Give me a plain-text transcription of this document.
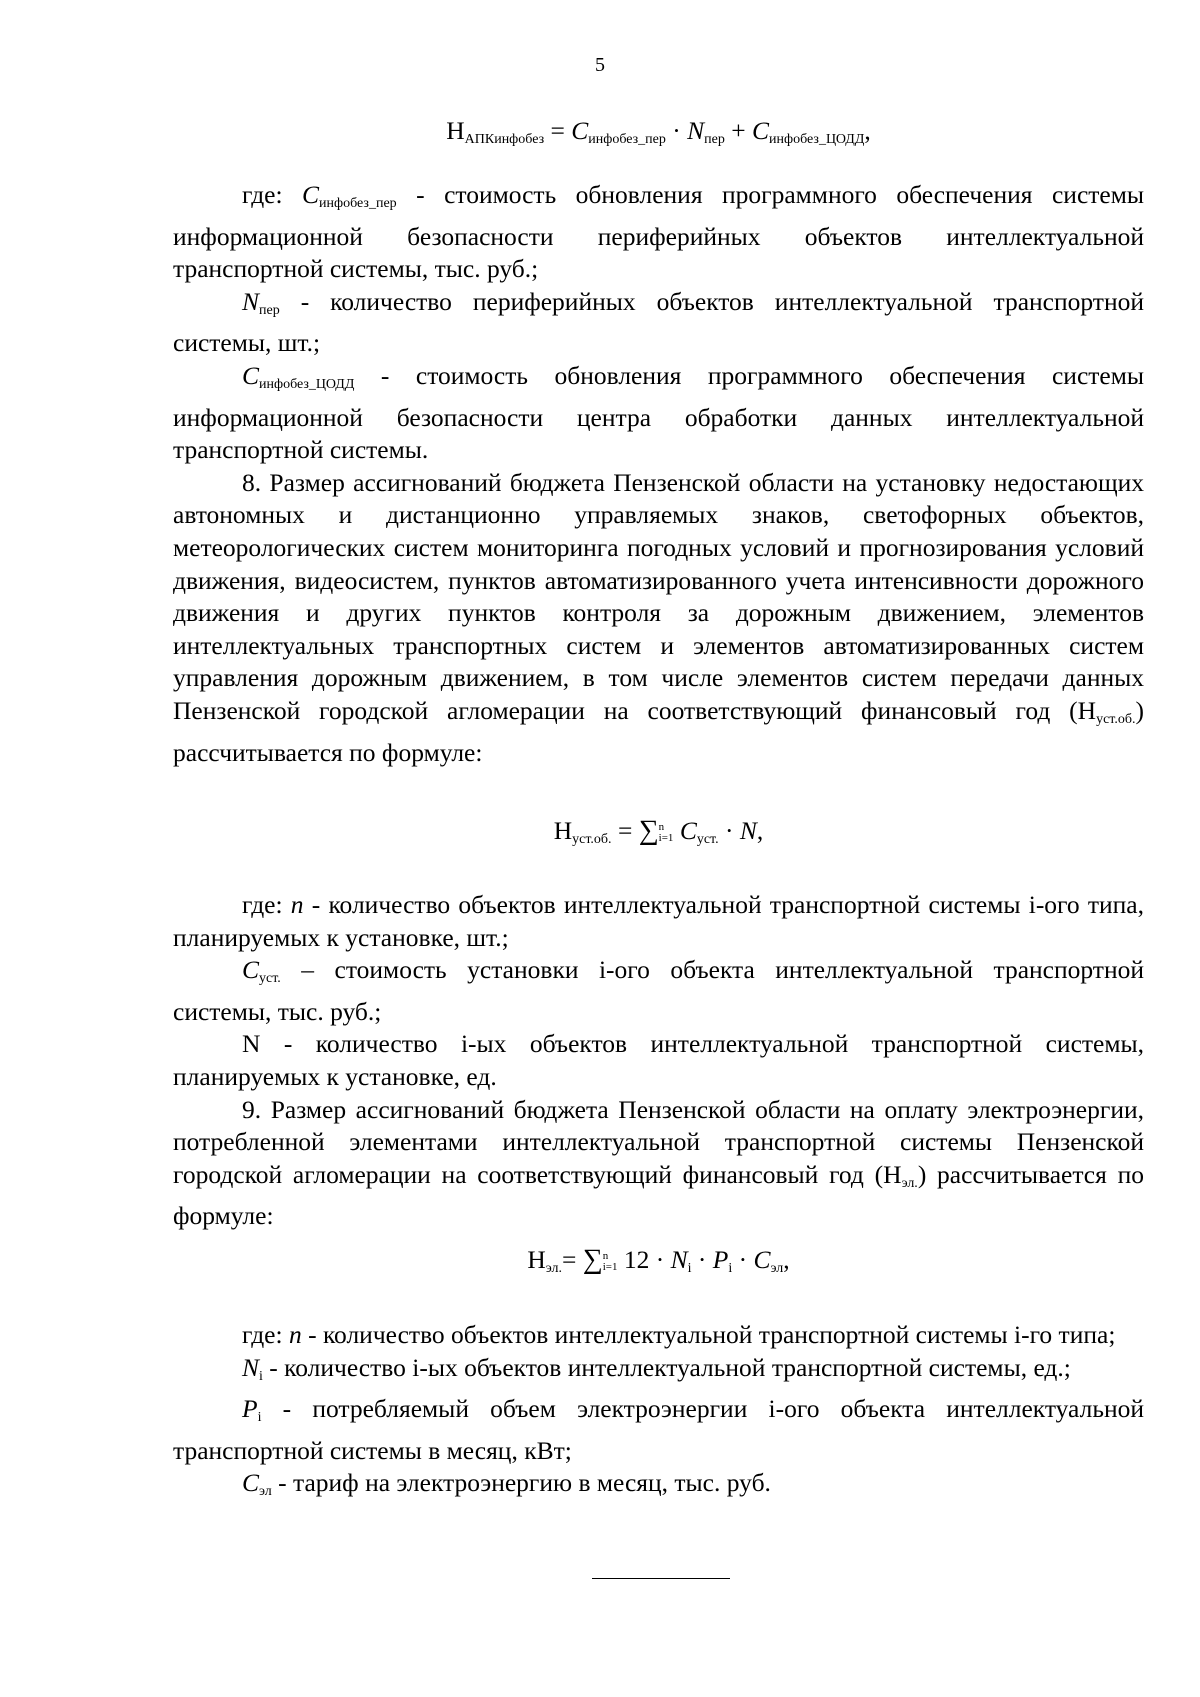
5

$Н_{АПКинфобез} = C_{инфобез\_пер} \cdot N_{пер} + C_{инфобез\_ЦОДД}$,

где: $C_{инфобез\_пер}$ - стоимость обновления программного обеспечения системы информационной безопасности периферийных объектов интеллектуальной транспортной системы, тыс. руб.;

$N_{пер}$ - количество периферийных объектов интеллектуальной транспортной системы, шт.;

$C_{инфобез\_ЦОДД}$ - стоимость обновления программного обеспечения системы информационной безопасности центра обработки данных интеллектуальной транспортной системы.

8. Размер ассигнований бюджета Пензенской области на установку недостающих автономных и дистанционно управляемых знаков, светофорных объектов, метеорологических систем мониторинга погодных условий и прогнозирования условий движения, видеосистем, пунктов автоматизированного учета интенсивности дорожного движения и других пунктов контроля за дорожным движением, элементов интеллектуальных транспортных систем и элементов автоматизированных систем управления дорожным движением, в том числе элементов систем передачи данных Пензенской городской агломерации на соответствующий финансовый год $(Н_{уст.об.})$ рассчитывается по формуле:

$Н_{уст.об.} = \sum n$
i=1 $C_{уст.} \cdot N$,

где: n - количество объектов интеллектуальной транспортной системы i-ого типа, планируемых к установке, шт.;

$C_{уст.}$ – стоимость установки i-ого объекта интеллектуальной транспортной системы, тыс. руб.;

N - количество i-ых объектов интеллектуальной транспортной системы, планируемых к установке, ед.

9. Размер ассигнований бюджета Пензенской области на оплату электроэнергии, потребленной элементами интеллектуальной транспортной системы Пензенской городской агломерации на соответствующий финансовый год $(Н_{эл.})$ рассчитывается по формуле:

$Н_{эл.}= \sum n$
i=1 $12 \cdot N_i \cdot P_i \cdot C_{эл}$,

где: n - количество объектов интеллектуальной транспортной системы i-го типа;

$N_i$ - количество i-ых объектов интеллектуальной транспортной системы, ед.;

$P_i$ - потребляемый объем электроэнергии i-ого объекта интеллектуальной транспортной системы в месяц, кВт;

$C_{эл}$ - тариф на электроэнергию в месяц, тыс. руб.
